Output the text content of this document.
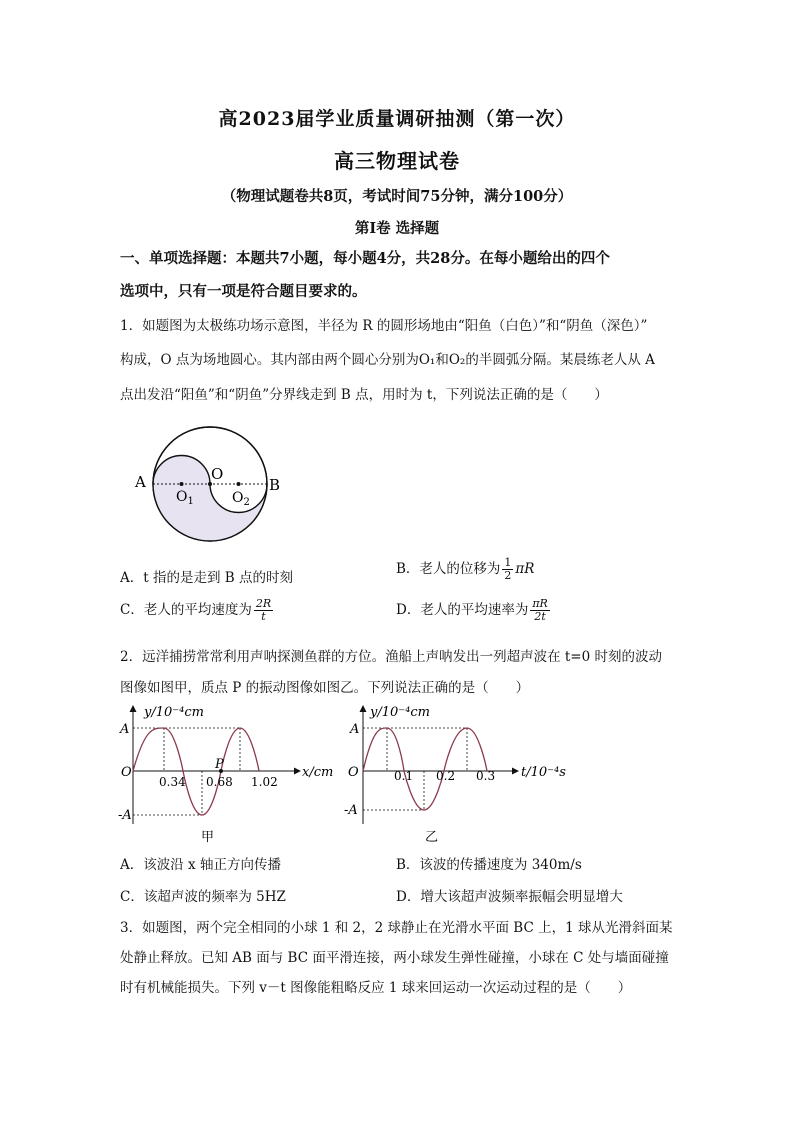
高2023届学业质量调研抽测（第一次）
高三物理试卷
（物理试题卷共8页，考试时间75分钟，满分100分）
第I卷 选择题
一、单项选择题：本题共7小题，每小题4分，共28分。在每小题给出的四个
选项中，只有一项是符合题目要求的。
1．如题图为太极练功场示意图，半径为 R 的圆形场地由“阳鱼（白色）”和“阴鱼（深色）”
构成，O 点为场地圆心。其内部由两个圆心分别为O₁和O₂的半圆弧分隔。某晨练老人从 A
点出发沿“阳鱼”和“阴鱼”分界线走到 B 点，用时为 t，下列说法正确的是（　　）
A	B
O
$O_1$	$O_2$
A．t 指的是走到 B 点的时刻
B．老人的位移为 $\frac{1}{2}$ πR
C．老人的平均速度为 $\frac{2R}{t}$	D．老人的平均速率为 $\frac{\pi R}{2t}$
2．远洋捕捞常常利用声呐探测鱼群的方位。渔船上声呐发出一列超声波在 t=0 时刻的波动
图像如图甲，质点 P 的振动图像如图乙。下列说法正确的是（　　）
y/10⁻⁴cm
x/cm
A
-A
O
0.34 0.68 1.02
P
甲
y/10⁻⁴cm
t/10⁻⁴s
A
-A
O	0.1 0.2 0.3
乙
A．该波沿 x 轴正方向传播	B．该波的传播速度为 340m/s
C．该超声波的频率为 5HZ	D．增大该超声波频率振幅会明显增大
3．如题图，两个完全相同的小球 1 和 2，2 球静止在光滑水平面 BC 上，1 球从光滑斜面某
处静止释放。已知 AB 面与 BC 面平滑连接，两小球发生弹性碰撞，小球在 C 处与墙面碰撞
时有机械能损失。下列 v－t 图像能粗略反应 1 球来回运动一次运动过程的是（　　）
